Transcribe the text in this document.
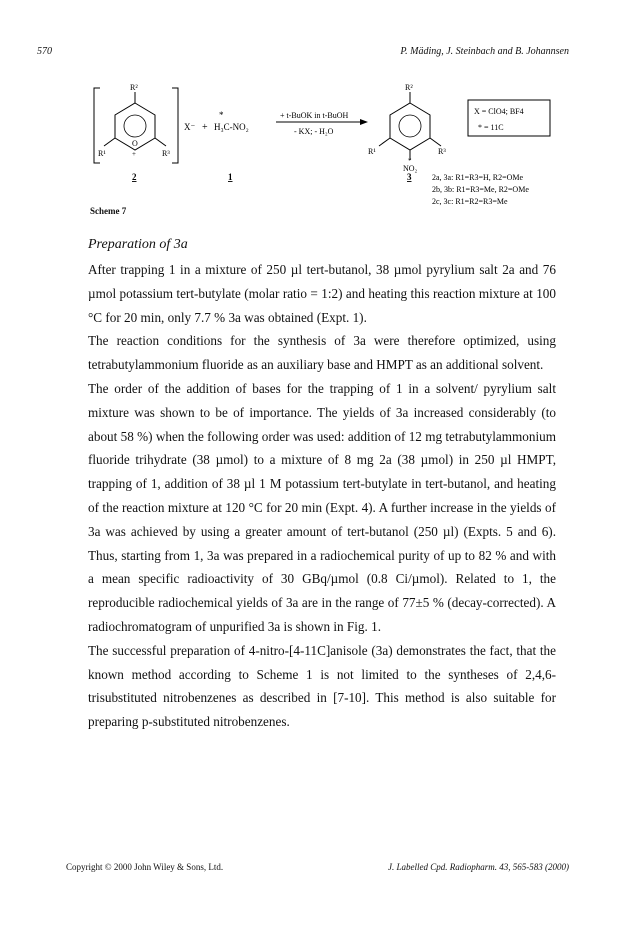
570	P. Mäding, J. Steinbach and B. Johannsen
R²
R¹	R³
O
+
2
X⁻ + H₃C-NO₂
*
1
+ t-BuOK in t-BuOH
- KX; - H₂O
R²
R¹	R³
*
NO₂
3
X = ClO4; BF4
* = 11C
2a, 3a: R1=R3=H, R2=OMe
2b, 3b: R1=R3=Me, R2=OMe
2c, 3c: R1=R2=R3=Me
Scheme 7
Preparation of 3a

After trapping 1 in a mixture of 250 µl tert-butanol, 38 µmol pyrylium salt 2a and 76 µmol potassium tert-butylate (molar ratio = 1:2) and heating this reaction mixture at 100 °C for 20 min, only 7.7 % 3a was obtained (Expt. 1).

The reaction conditions for the synthesis of 3a were therefore optimized, using tetrabutylammonium fluoride as an auxiliary base and HMPT as an additional solvent.

The order of the addition of bases for the trapping of 1 in a solvent/ pyrylium salt mixture was shown to be of importance. The yields of 3a increased considerably (to about 58 %) when the following order was used: addition of 12 mg tetrabutylammonium fluoride trihydrate (38 µmol) to a mixture of 8 mg 2a (38 µmol) in 250 µl HMPT, trapping of 1, addition of 38 µl 1 M potassium tert-butylate in tert-butanol, and heating of the reaction mixture at 120 °C for 20 min (Expt. 4). A further increase in the yields of 3a was achieved by using a greater amount of tert-butanol (250 µl) (Expts. 5 and 6). Thus, starting from 1, 3a was prepared in a radiochemical purity of up to 82 % and with a mean specific radioactivity of 30 GBq/µmol (0.8 Ci/µmol). Related to 1, the reproducible radiochemical yields of 3a are in the range of 77±5 % (decay-corrected). A radiochromatogram of unpurified 3a is shown in Fig. 1.

The successful preparation of 4-nitro-[4-11C]anisole (3a) demonstrates the fact, that the known method according to Scheme 1 is not limited to the syntheses of 2,4,6-trisubstituted nitrobenzenes as described in [7-10]. This method is also suitable for preparing p-substituted nitrobenzenes.

Copyright © 2000 John Wiley & Sons, Ltd.	J. Labelled Cpd. Radiopharm. 43, 565-583 (2000)
